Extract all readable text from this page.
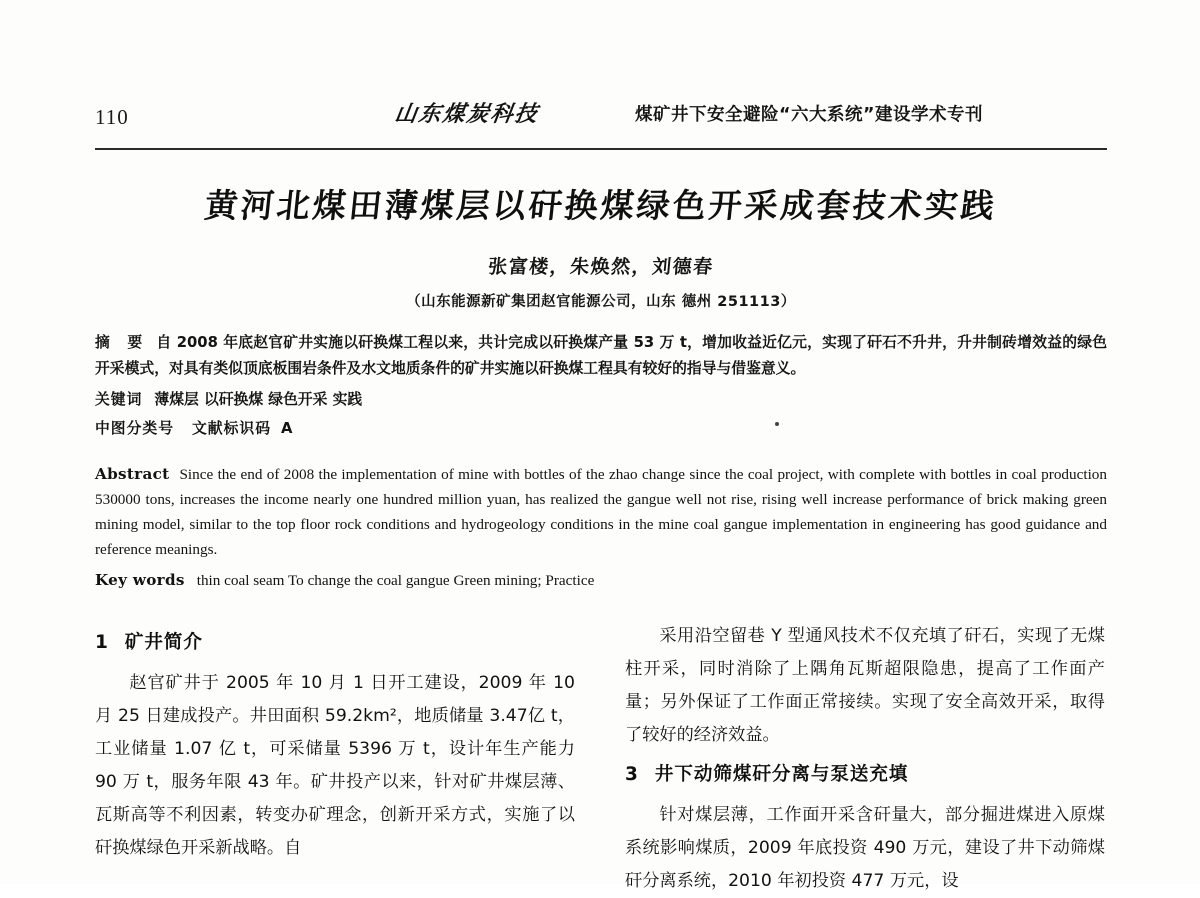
110	山东煤炭科技	煤矿井下安全避险“六大系统”建设学术专刊
黄河北煤田薄煤层以矸换煤绿色开采成套技术实践
张富楼，朱焕然，刘德春
（山东能源新矿集团赵官能源公司，山东 德州 251113）
摘 要 自 2008 年底赵官矿井实施以矸换煤工程以来，共计完成以矸换煤产量 53 万 t，增加收益近亿元，实现了矸石不升井，升井制砖增效益的绿色开采模式，对具有类似顶底板围岩条件及水文地质条件的矿井实施以矸换煤工程具有较好的指导与借鉴意义。
关键词 薄煤层 以矸换煤 绿色开采 实践
中图分类号 文献标识码 A
Abstract Since the end of 2008 the implementation of mine with bottles of the zhao change since the coal project, with complete with bottles in coal production 530000 tons, increases the income nearly one hundred million yuan, has realized the gangue well not rise, rising well increase performance of brick making green mining model, similar to the top floor rock conditions and hydrogeology conditions in the mine coal gangue implementation in engineering has good guidance and reference meanings.
Key words thin coal seam To change the coal gangue Green mining; Practice
1 矿井简介

赵官矿井于 2005 年 10 月 1 日开工建设，2009 年 10 月 25 日建成投产。井田面积 59.2km²，地质储量 3.47亿 t，工业储量 1.07 亿 t，可采储量 5396 万 t，设计年生产能力 90 万 t，服务年限 43 年。矿井投产以来，针对矿井煤层薄、瓦斯高等不利因素，转变办矿理念，创新开采方式，实施了以矸换煤绿色开采新战略。自

采用沿空留巷 Y 型通风技术不仅充填了矸石，实现了无煤柱开采，同时消除了上隅角瓦斯超限隐患，提高了工作面产量；另外保证了工作面正常接续。实现了安全高效开采，取得了较好的经济效益。

3 井下动筛煤矸分离与泵送充填

针对煤层薄，工作面开采含矸量大，部分掘进煤进入原煤系统影响煤质，2009 年底投资 490 万元，建设了井下动筛煤矸分离系统，2010 年初投资 477 万元，设
